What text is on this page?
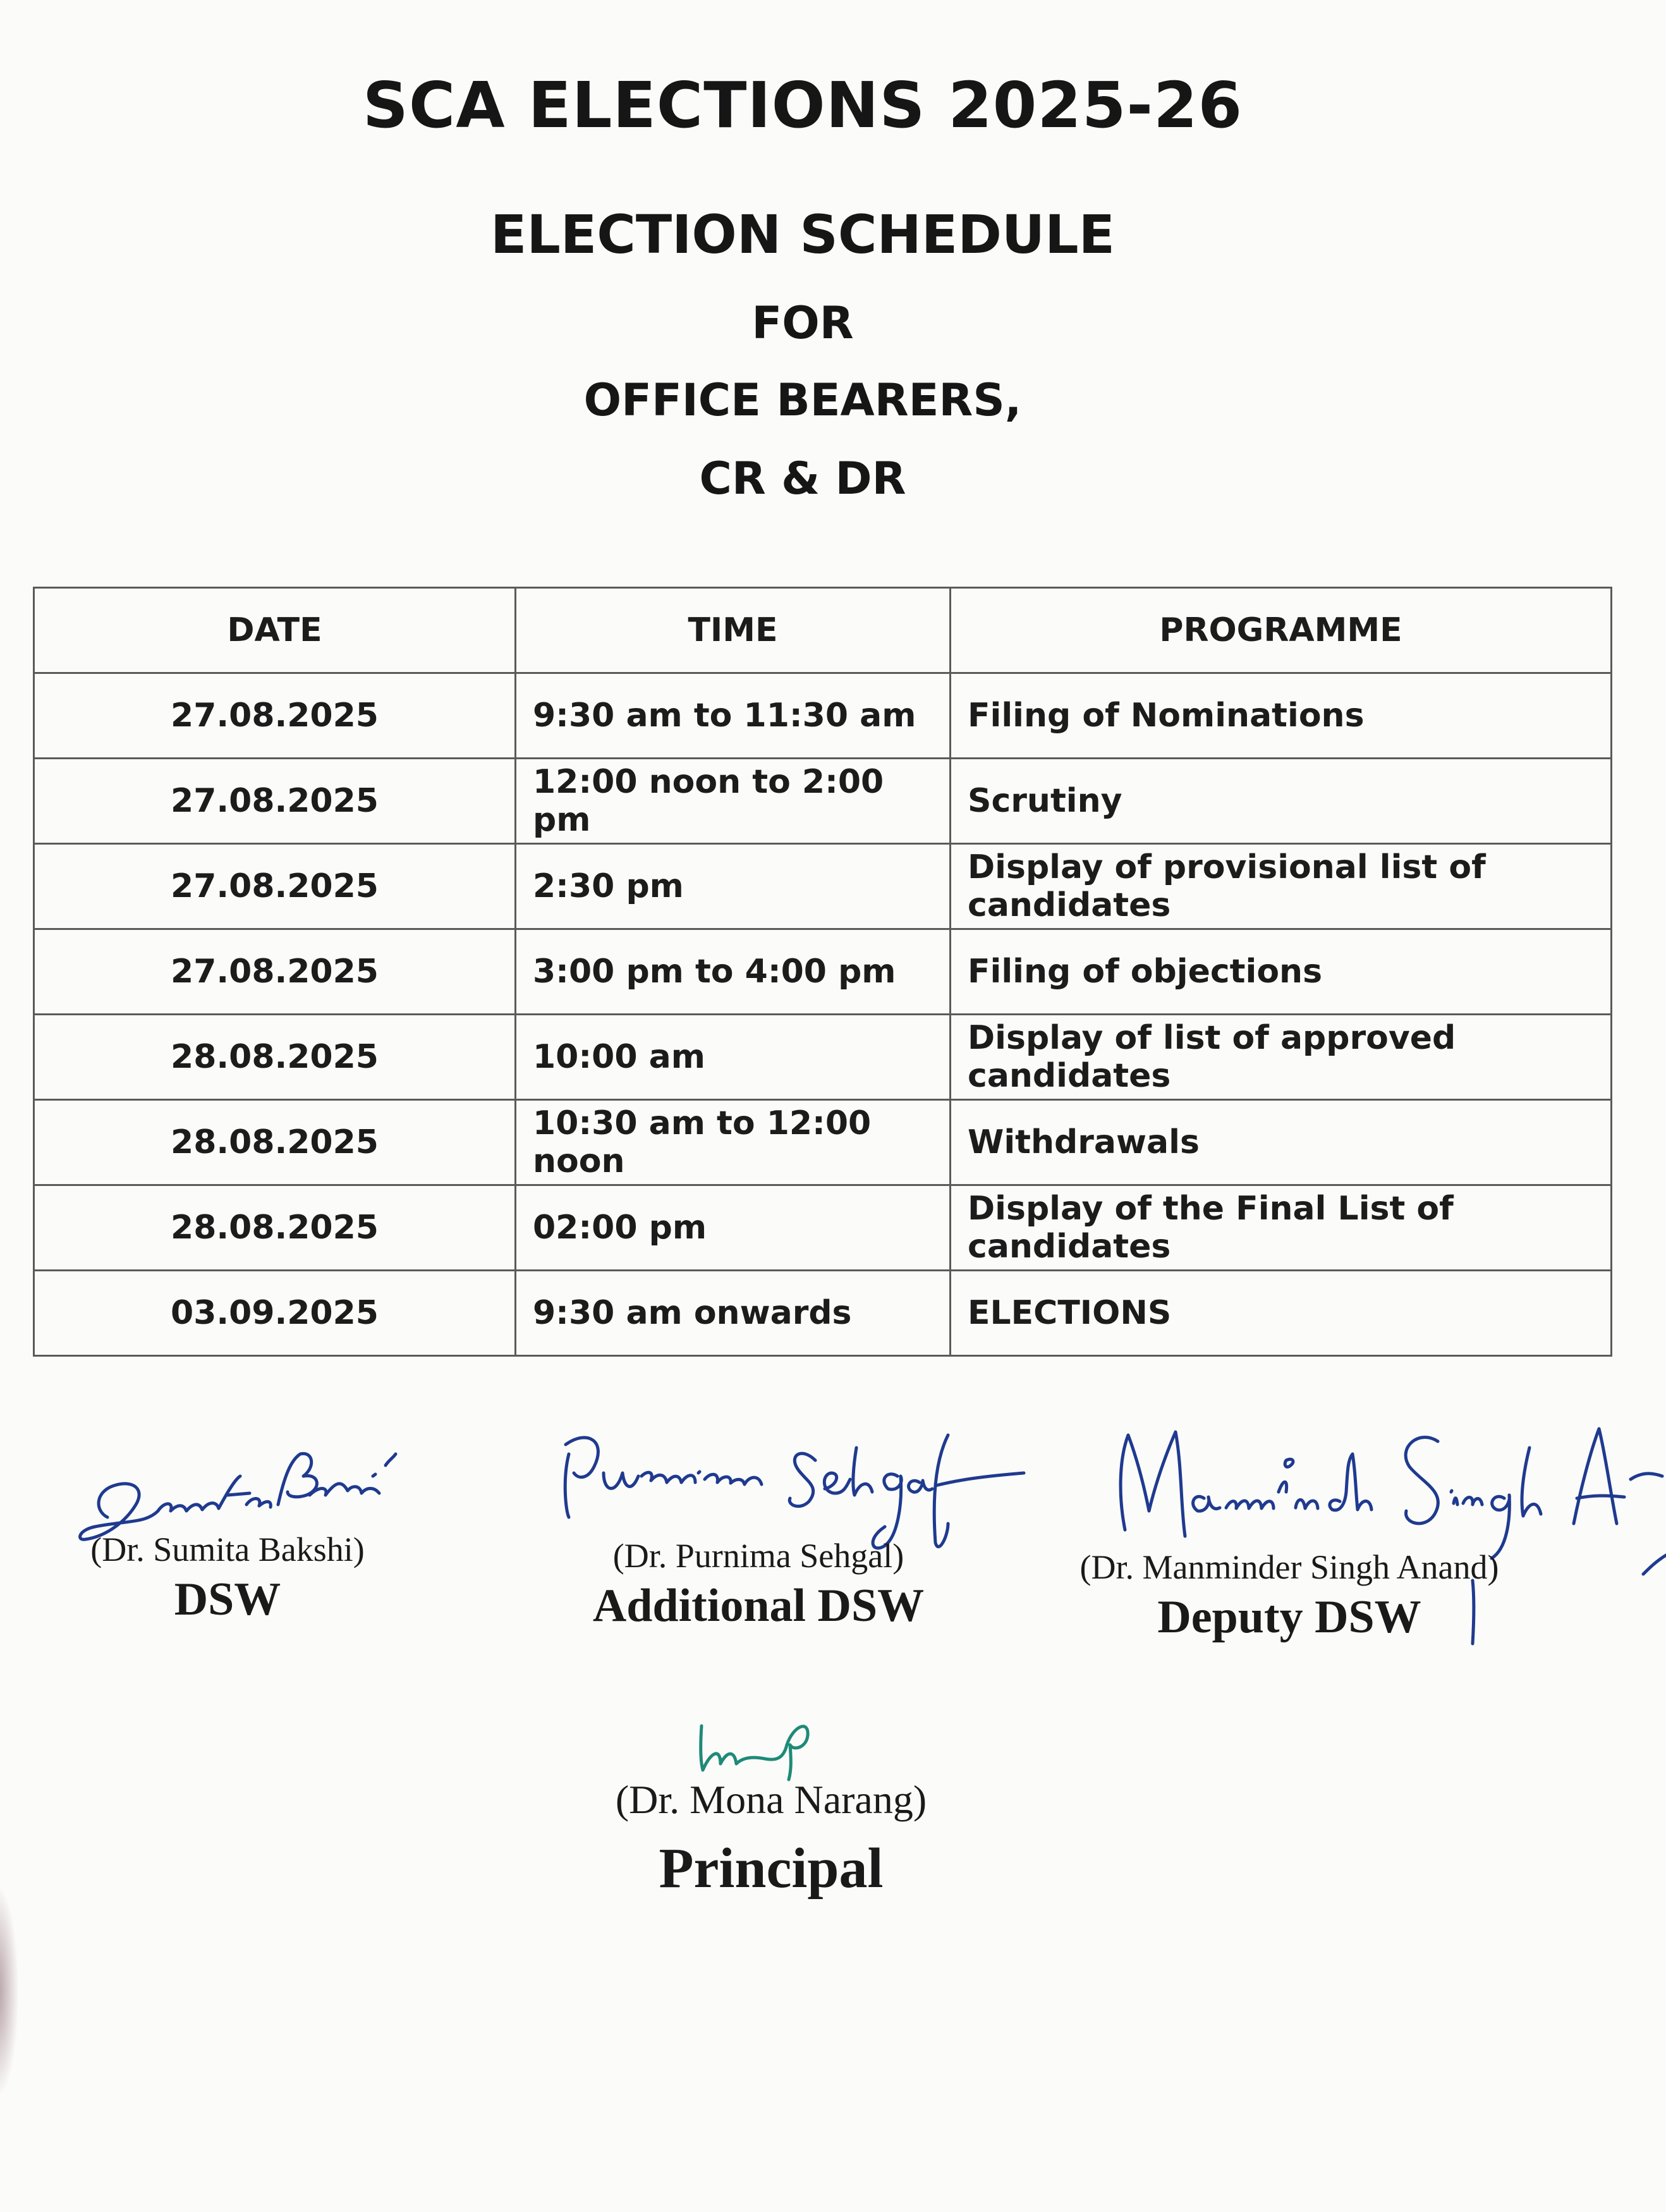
SCA ELECTIONS 2025-26
ELECTION SCHEDULE
FOR
OFFICE BEARERS,
CR & DR
DATE	TIME	PROGRAMME
27.08.2025	9:30 am to 11:30 am	Filing of Nominations
27.08.2025	12:00 noon to 2:00 pm	Scrutiny
27.08.2025	2:30 pm	Display of provisional list of candidates
27.08.2025	3:00 pm to 4:00 pm	Filing of objections
28.08.2025	10:00 am	Display of list of approved candidates
28.08.2025	10:30 am to 12:00 noon	Withdrawals
28.08.2025	02:00 pm	Display of the Final List of candidates
03.09.2025	9:30 am onwards	ELECTIONS
(Dr. Sumita Bakshi)
DSW
(Dr. Purnima Sehgal)
Additional DSW
(Dr. Manminder Singh Anand)
Deputy DSW
(Dr. Mona Narang)
Principal
